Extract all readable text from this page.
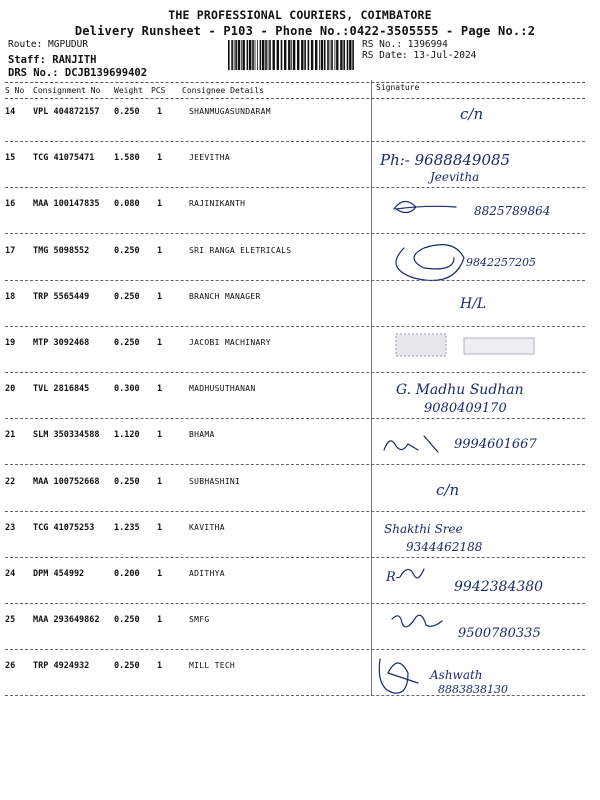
THE PROFESSIONAL COURIERS, COIMBATORE
Delivery Runsheet - P103 - Phone No.:0422-3505555 - Page No.:2
Route: MGPUDUR
Staff: RANJITH
DRS No.: DCJB139699402
RS No.: 1396994
RS Date: 13-Jul-2024
S No Consignment No Weight PCS Consignee Details	Signature
14 VPL 404872157 0.250 1	SHANMUGASUNDARAM	c/n
15 TCG 41075471 1.580 1	JEEVITHA	Ph:- 9688849085
Jeevitha
16 MAA 100147835 0.080 1	RAJINIKANTH
8825789864
17 TMG 5098552	0.250 1	SRI RANGA ELETRICALS
9842257205
18 TRP 5565449	0.250 1	BRANCH MANAGER	H/L
19 MTP 3092468	0.250 1	JACOBI MACHINARY
20 TVL 2816845	0.300 1	MADHUSUTHANAN	G. Madhu Sudhan
9080409170
21 SLM 350334588 1.120 1	BHAMA
9994601667
22 MAA 100752668 0.250 1	SUBHASHINI	c/n
23 TCG 41075253 1.235 1	KAVITHA	Shakthi Sree
9344462188
24 DPM 454992	0.200 1	ADITHYA	R-
9942384380
25 MAA 293649862 0.250 1	SMFG
9500780335
26 TRP 4924932	0.250 1	MILL TECH
Ashwath
8883838130
